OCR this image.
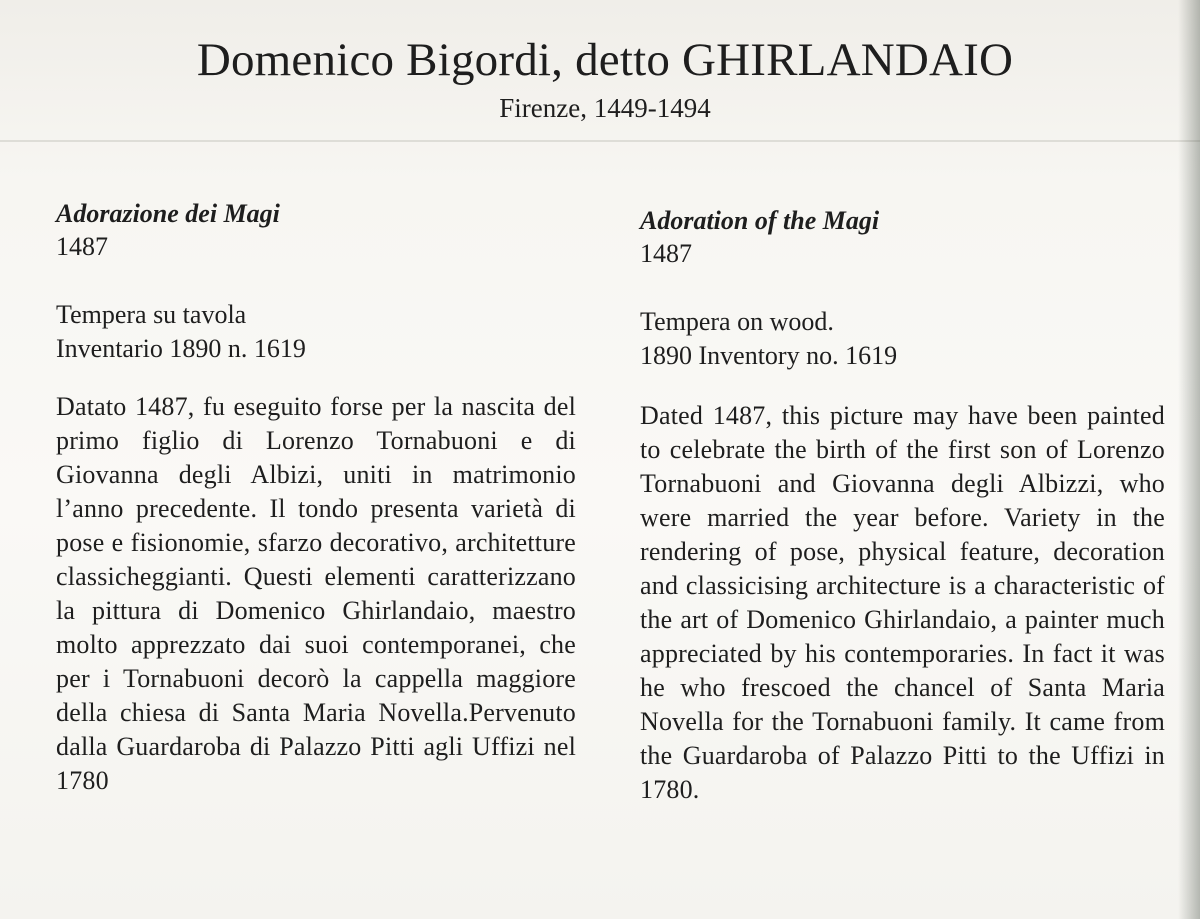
Domenico Bigordi, detto GHIRLANDAIO
Firenze, 1449-1494

Adorazione dei Magi

1487

Tempera su tavola

Inventario 1890 n. 1619

Datato 1487, fu eseguito forse per la nascita del primo figlio di Lorenzo Tornabuoni e di Giovanna degli Albizi, uniti in matrimonio l’anno precedente. Il tondo presenta varietà di pose e fisionomie, sfarzo decorativo, architetture classicheggianti. Questi elementi caratterizzano la pittura di Domenico Ghirlandaio, maestro molto apprezzato dai suoi contemporanei, che per i Tornabuoni decorò la cappella maggiore della chiesa di Santa Maria Novella.Pervenuto dalla Guardaroba di Palazzo Pitti agli Uffizi nel 1780

Adoration of the Magi

1487

Tempera on wood.

1890 Inventory no. 1619

Dated 1487, this picture may have been painted to celebrate the birth of the first son of Lorenzo Tornabuoni and Giovanna degli Albizzi, who were married the year before. Variety in the rendering of pose, physical feature, decoration and classicising architecture is a characteristic of the art of Domenico Ghirlandaio, a painter much appreciated by his contemporaries. In fact it was he who frescoed the chancel of Santa Maria Novella for the Tornabuoni family. It came from the Guardaroba of Palazzo Pitti to the Uffizi in 1780.
